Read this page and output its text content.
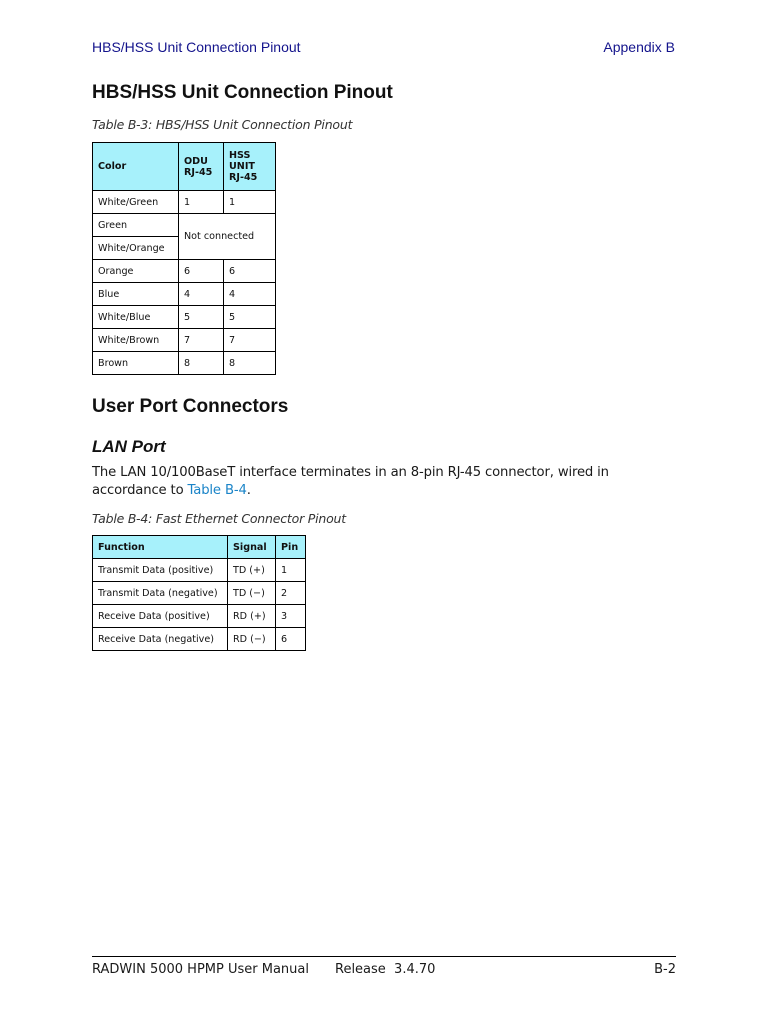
HBS/HSS Unit Connection Pinout	Appendix B
HBS/HSS Unit Connection Pinout
Table B-3: HBS/HSS Unit Connection Pinout
Color	ODU RJ-45	HSS UNIT RJ-45
White/Green	1	1
Green	Not connected	
White/Orange		
Orange	6	6
Blue	4	4
White/Blue	5	5
White/Brown	7	7
Brown	8	8
User Port Connectors
LAN Port
The LAN 10/100BaseT interface terminates in an 8-pin RJ-45 connector, wired in accordance to Table B-4.
Table B-4: Fast Ethernet Connector Pinout
Function	Signal	Pin
Transmit Data (positive)	TD (+)	1
Transmit Data (negative)	TD (−)	2
Receive Data (positive)	RD (+)	3
Receive Data (negative)	RD (−)	6
RADWIN 5000 HPMP User Manual Release  3.4.70	B-2
